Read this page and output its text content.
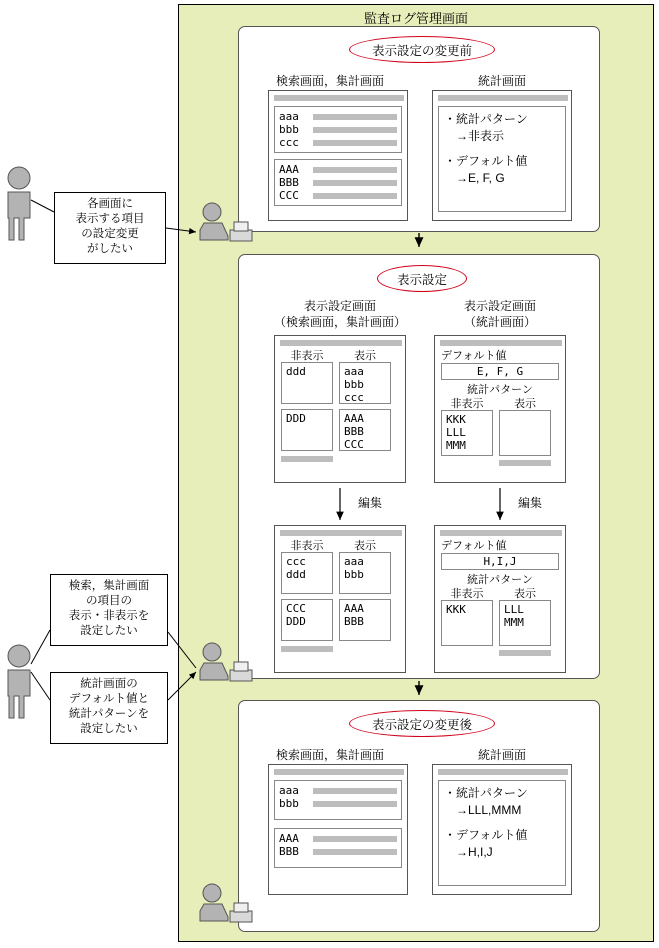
監査ログ管理画面
表示設定の変更前
検索画面，集計画面	統計画面
aaa
bbb
ccc
AAA
BBB
CCC
・統計パターン
　→非表示
・デフォルト値
　→E, F, G
表示設定
表示設定画面
（検索画面，集計画面）
表示設定画面
（統計画面）
非表示
ddd
表示
aaa
bbb
ccc
DDD	AAA
BBB
CCC
デフォルト値
E, F, G
統計パターン
非表示	表示
KKK
LLL
MMM
編集	編集
非表示
ccc
ddd
表示
aaa
bbb
CCC
DDD
AAA
BBB
デフォルト値
H,I,J
統計パターン
非表示	表示
KKK	LLL
MMM
表示設定の変更後
検索画面，集計画面	統計画面
aaa
bbb
AAA
BBB
・統計パターン
　→LLL,MMM
・デフォルト値
　→H,I,J
各画面に
表示する項目
の設定変更
がしたい
検索，集計画面
の項目の
表示・非表示を
設定したい
統計画面の
デフォルト値と
統計パターンを
設定したい
